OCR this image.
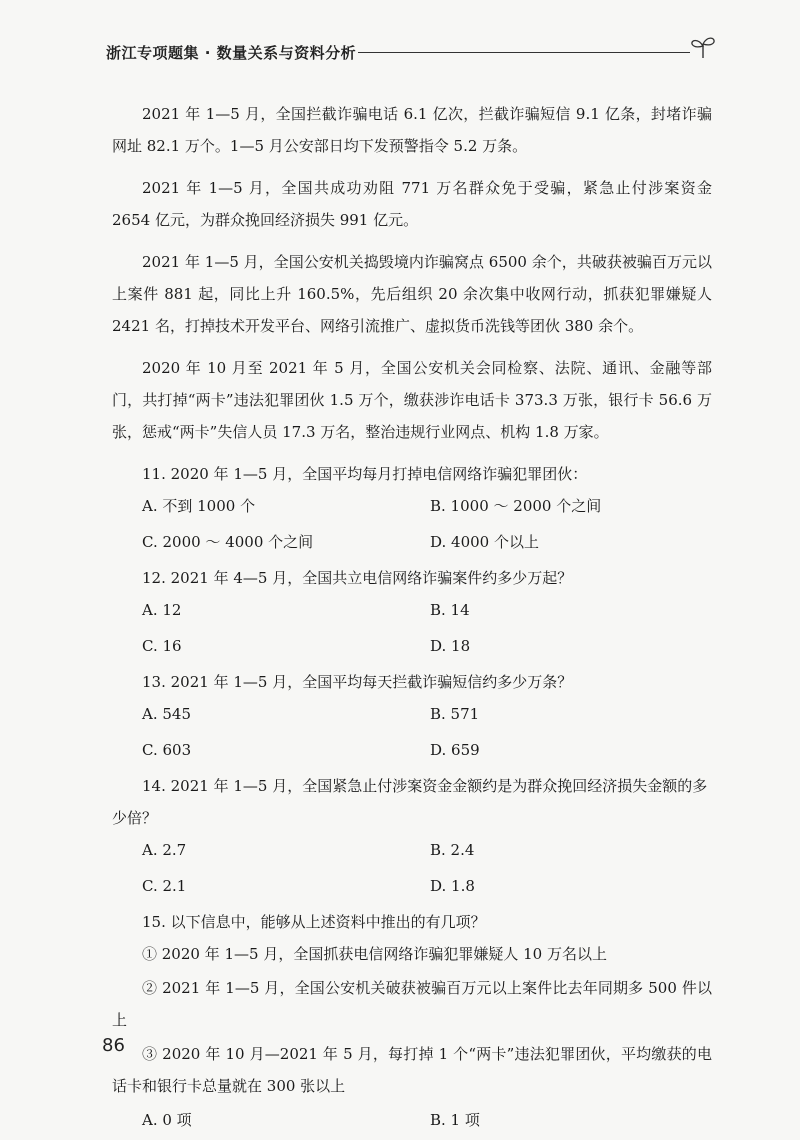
浙江专项题集 · 数量关系与资料分析

2021 年 1—5 月，全国拦截诈骗电话 6.1 亿次，拦截诈骗短信 9.1 亿条，封堵诈骗网址 82.1 万个。1—5 月公安部日均下发预警指令 5.2 万条。

2021 年 1—5 月，全国共成功劝阻 771 万名群众免于受骗，紧急止付涉案资金 2654 亿元，为群众挽回经济损失 991 亿元。

2021 年 1—5 月，全国公安机关捣毁境内诈骗窝点 6500 余个，共破获被骗百万元以上案件 881 起，同比上升 160.5%，先后组织 20 余次集中收网行动，抓获犯罪嫌疑人 2421 名，打掉技术开发平台、网络引流推广、虚拟货币洗钱等团伙 380 余个。

2020 年 10 月至 2021 年 5 月，全国公安机关会同检察、法院、通讯、金融等部门，共打掉“两卡”违法犯罪团伙 1.5 万个，缴获涉诈电话卡 373.3 万张，银行卡 56.6 万张，惩戒“两卡”失信人员 17.3 万名，整治违规行业网点、机构 1.8 万家。

11. 2020 年 1—5 月，全国平均每月打掉电信网络诈骗犯罪团伙：

A. 不到 1000 个	B. 1000 ～ 2000 个之间
C. 2000 ～ 4000 个之间	D. 4000 个以上

12. 2021 年 4—5 月，全国共立电信网络诈骗案件约多少万起？

A. 12	B. 14
C. 16	D. 18

13. 2021 年 1—5 月，全国平均每天拦截诈骗短信约多少万条？

A. 545	B. 571
C. 603	D. 659

14. 2021 年 1—5 月，全国紧急止付涉案资金金额约是为群众挽回经济损失金额的多少倍？

A. 2.7	B. 2.4
C. 2.1	D. 1.8

15. 以下信息中，能够从上述资料中推出的有几项？

① 2020 年 1—5 月，全国抓获电信网络诈骗犯罪嫌疑人 10 万名以上

② 2021 年 1—5 月，全国公安机关破获被骗百万元以上案件比去年同期多 500 件以上

③ 2020 年 10 月—2021 年 5 月，每打掉 1 个“两卡”违法犯罪团伙，平均缴获的电话卡和银行卡总量就在 300 张以上

A. 0 项	B. 1 项
86
